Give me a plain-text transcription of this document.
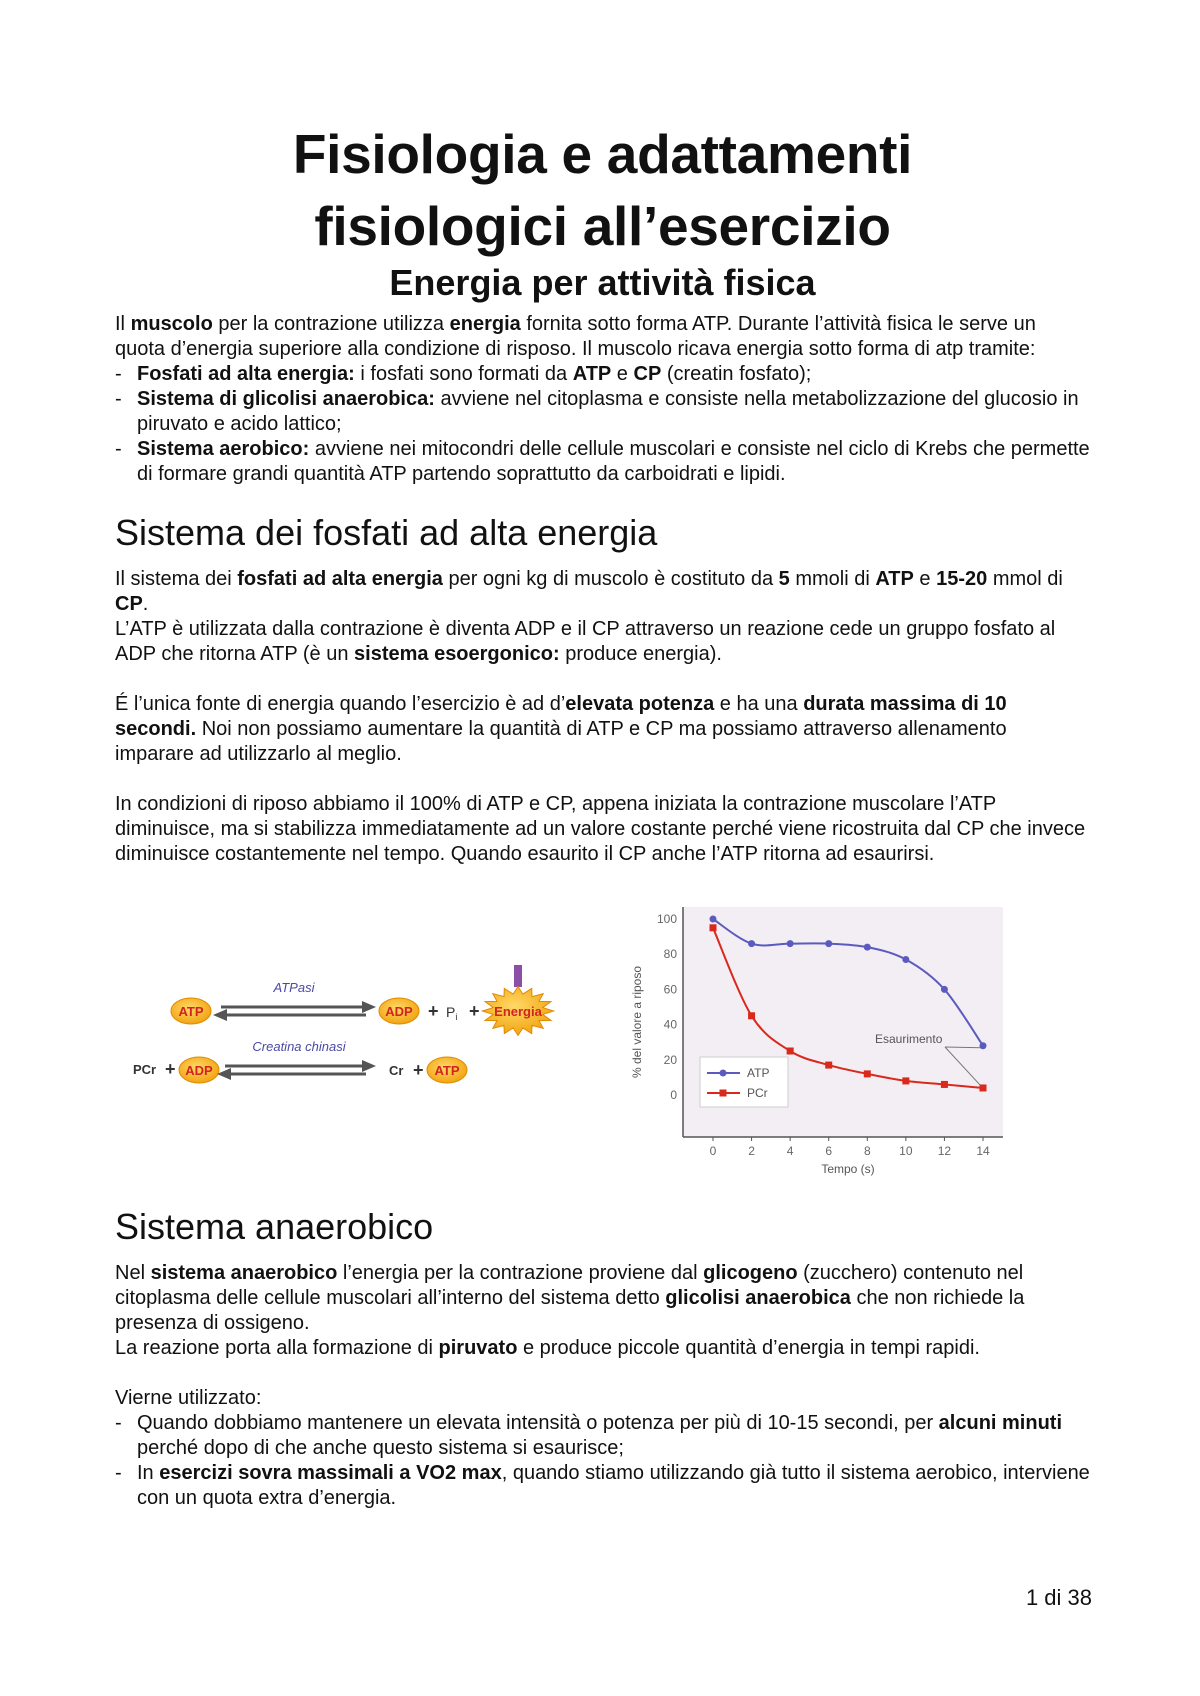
Fisiologia e adattamenti
fisiologici all’esercizio
Energia per attività fisica

Il muscolo per la contrazione utilizza energia fornita sotto forma ATP. Durante l’attività fisica le serve un quota d’energia superiore alla condizione di risposo. Il muscolo ricava energia sotto forma di atp tramite:

- Fosfati ad alta energia: i fosfati sono formati da ATP e CP (creatin fosfato);
- Sistema di glicolisi anaerobica: avviene nel citoplasma e consiste nella metabolizzazione del glucosio in piruvato e acido lattico;
- Sistema aerobico: avviene nei mitocondri delle cellule muscolari e consiste nel ciclo di Krebs che permette di formare grandi quantità ATP partendo soprattutto da carboidrati e lipidi.
Sistema dei fosfati ad alta energia

Il sistema dei fosfati ad alta energia per ogni kg di muscolo è costituto da 5 mmoli di ATP e 15-20 mmol di CP.

L’ATP è utilizzata dalla contrazione è diventa ADP e il CP attraverso un reazione cede un gruppo fosfato al ADP che ritorna ATP (è un sistema esoergonico: produce energia).

É l’unica fonte di energia quando l’esercizio è ad d’elevata potenza e ha una durata massima di 10 secondi. Noi non possiamo aumentare la quantità di ATP e CP ma possiamo attraverso allenamento imparare ad utilizzarlo al meglio.

In condizioni di riposo abbiamo il 100% di ATP e CP, appena iniziata la contrazione muscolare l’ATP diminuisce, ma si stabilizza immediatamente ad un valore costante perché viene ricostruita dal CP che invece diminuisce costantemente nel tempo. Quando esaurito il CP anche l’ATP ritorna ad esaurirsi.

ATP
ATPasi
ADP + $P_i$ + Energia
PCr + ADP
Creatina chinasi
Cr + ATP
0
20
40
60
80
100
0	2	4	6	8 10 12 14
% del valore a riposo
Tempo (s)
Esaurimento
ATP
PCr
Sistema anaerobico

Nel sistema anaerobico l’energia per la contrazione proviene dal glicogeno (zucchero) contenuto nel citoplasma delle cellule muscolari all’interno del sistema detto glicolisi anaerobica che non richiede la presenza di ossigeno.

La reazione porta alla formazione di piruvato e produce piccole quantità d’energia in tempi rapidi.

Vierne utilizzato:

- Quando dobbiamo mantenere un elevata intensità o potenza per più di 10-15 secondi, per alcuni minuti perché dopo di che anche questo sistema si esaurisce;
- In esercizi sovra massimali a VO2 max, quando stiamo utilizzando già tutto il sistema aerobico, interviene con un quota extra d’energia.
1 di 38
